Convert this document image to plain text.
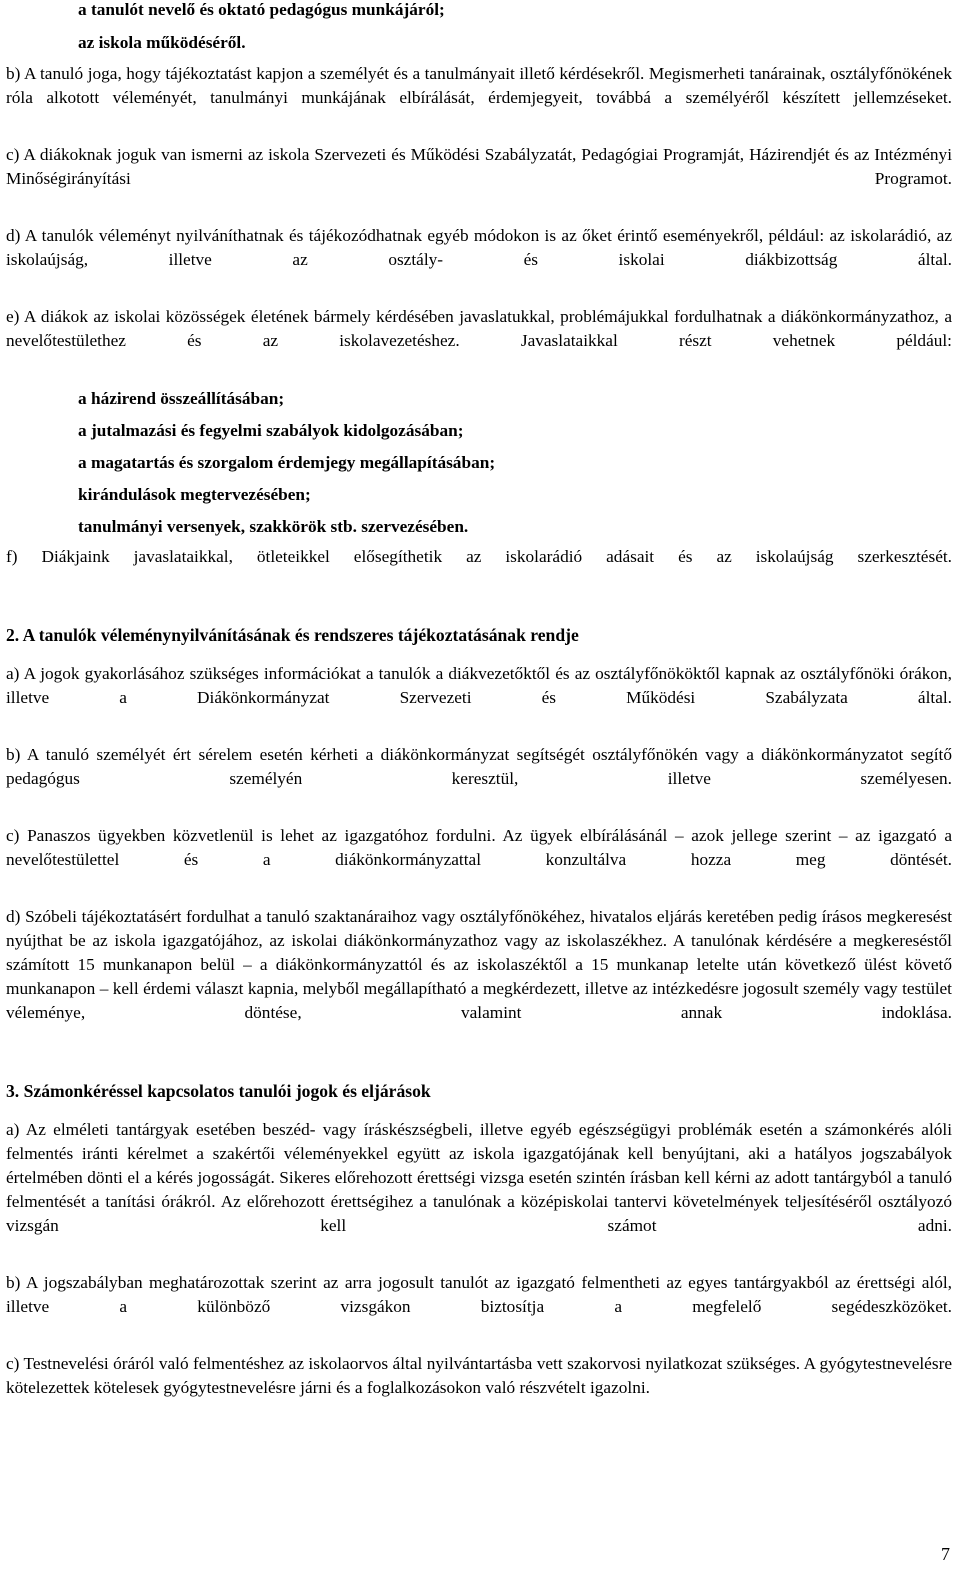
a tanulót nevelő és oktató pedagógus munkájáról;

az iskola működéséről.

b) A tanuló joga, hogy tájékoztatást kapjon a személyét és a tanulmányait illető kérdésekről. Megismerheti tanárainak, osztályfőnökének róla alkotott véleményét, tanulmányi munkájának elbírálását, érdemjegyeit, továbbá a személyéről készített jellemzéseket.

c) A diákoknak joguk van ismerni az iskola Szervezeti és Működési Szabályzatát, Pedagógiai Programját, Házirendjét és az Intézményi Minőségirányítási Programot.

d) A tanulók véleményt nyilváníthatnak és tájékozódhatnak egyéb módokon is az őket érintő eseményekről, például: az iskolarádió, az iskolaújság, illetve az osztály- és iskolai diákbizottság által.

e) A diákok az iskolai közösségek életének bármely kérdésében javaslatukkal, problémájukkal fordulhatnak a diákönkormányzathoz, a nevelőtestülethez és az iskolavezetéshez. Javaslataikkal részt vehetnek például:

a házirend összeállításában;
a jutalmazási és fegyelmi szabályok kidolgozásában;
a magatartás és szorgalom érdemjegy megállapításában;
kirándulások megtervezésében;
tanulmányi versenyek, szakkörök stb. szervezésében.

f) Diákjaink javaslataikkal, ötleteikkel elősegíthetik az iskolarádió adásait és az iskolaújság szerkesztését.

2. A tanulók véleménynyilvánításának és rendszeres tájékoztatásának rendje

a) A jogok gyakorlásához szükséges információkat a tanulók a diákvezetőktől és az osztályfőnököktől kapnak az osztályfőnöki órákon, illetve a Diákönkormányzat Szervezeti és Működési Szabályzata által.

b) A tanuló személyét ért sérelem esetén kérheti a diákönkormányzat segítségét osztályfőnökén vagy a diákönkormányzatot segítő pedagógus személyén keresztül, illetve személyesen.

c) Panaszos ügyekben közvetlenül is lehet az igazgatóhoz fordulni. Az ügyek elbírálásánál – azok jellege szerint – az igazgató a nevelőtestülettel és a diákönkormányzattal konzultálva hozza meg döntését.

d) Szóbeli tájékoztatásért fordulhat a tanuló szaktanáraihoz vagy osztályfőnökéhez, hivatalos eljárás keretében pedig írásos megkeresést nyújthat be az iskola igazgatójához, az iskolai diákönkormányzathoz vagy az iskolaszékhez. A tanulónak kérdésére a megkereséstől számított 15 munkanapon belül – a diákönkormányzattól és az iskolaszéktől a 15 munkanap letelte után következő ülést követő munkanapon – kell érdemi választ kapnia, melyből megállapítható a megkérdezett, illetve az intézkedésre jogosult személy vagy testület véleménye, döntése, valamint annak indoklása.

3. Számonkéréssel kapcsolatos tanulói jogok és eljárások

a) Az elméleti tantárgyak esetében beszéd- vagy íráskészségbeli, illetve egyéb egészségügyi problémák esetén a számonkérés alóli felmentés iránti kérelmet a szakértői véleményekkel együtt az iskola igazgatójának kell benyújtani, aki a hatályos jogszabályok értelmében dönti el a kérés jogosságát. Sikeres előrehozott érettségi vizsga esetén szintén írásban kell kérni az adott tantárgyból a tanuló felmentését a tanítási órákról. Az előrehozott érettségihez a tanulónak a középiskolai tantervi követelmények teljesítéséről osztályozó vizsgán kell számot adni.

b) A jogszabályban meghatározottak szerint az arra jogosult tanulót az igazgató felmentheti az egyes tantárgyakból az érettségi alól, illetve a különböző vizsgákon biztosítja a megfelelő segédeszközöket.

c) Testnevelési óráról való felmentéshez az iskolaorvos által nyilvántartásba vett szakorvosi nyilatkozat szükséges. A gyógytestnevelésre kötelezettek kötelesek gyógytestnevelésre járni és a foglalkozásokon való részvételt igazolni.

7
